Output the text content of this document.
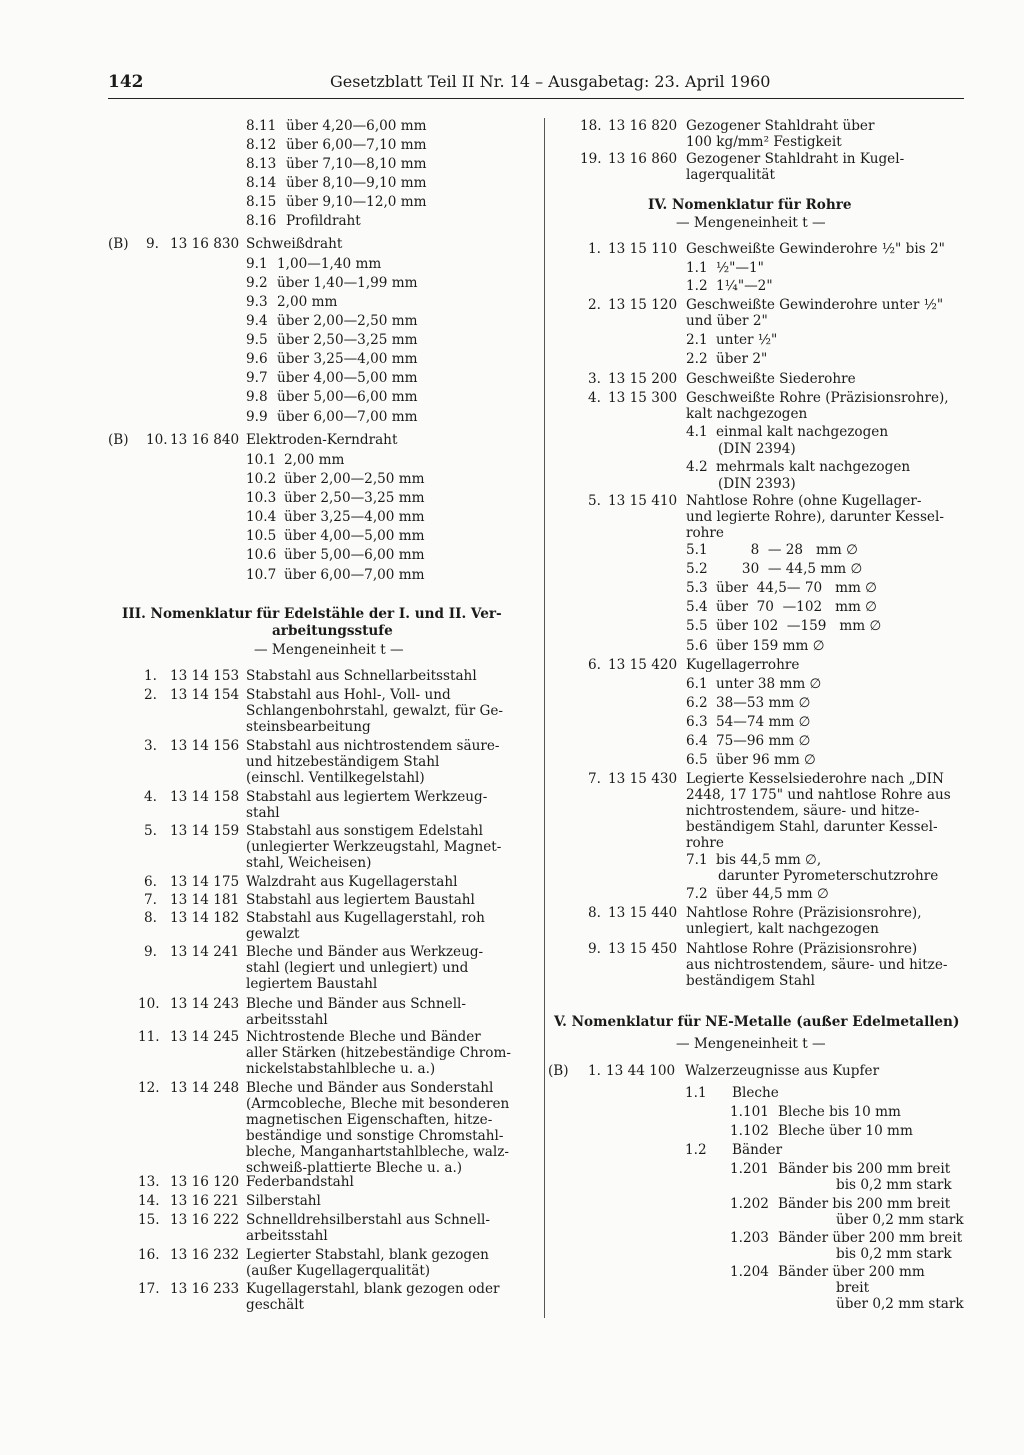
142	Gesetzblatt Teil II Nr. 14 – Ausgabetag: 23. April 1960
8.11 über 4,20—6,00 mm
8.12 über 6,00—7,10 mm
8.13 über 7,10—8,10 mm
8.14 über 8,10—9,10 mm
8.15 über 9,10—12,0 mm
8.16 Profildraht
(B) 9. 13 16 830 Schweißdraht
(B) 10. 13 16 840 Elektroden-Kerndraht
9.1 1,00—1,40 mm
9.2 über 1,40—1,99 mm
9.3 2,00 mm
9.4 über 2,00—2,50 mm
9.5 über 2,50—3,25 mm
9.6 über 3,25—4,00 mm
9.7 über 4,00—5,00 mm
9.8 über 5,00—6,00 mm
9.9 über 6,00—7,00 mm
10.1 2,00 mm
10.2 über 2,00—2,50 mm
10.3 über 2,50—3,25 mm
10.4 über 3,25—4,00 mm
10.5 über 4,00—5,00 mm
10.6 über 5,00—6,00 mm
10.7 über 6,00—7,00 mm
1. 13 14 153 Stabstahl aus Schnellarbeitsstahl
2. 13 14 154 Stabstahl aus Hohl-, Voll- und
Schlangenbohrstahl, gewalzt, für Ge-
steinsbearbeitung
3. 13 14 156 Stabstahl aus nichtrostendem säure-
und hitzebeständigem Stahl
(einschl. Ventilkegelstahl)
4. 13 14 158 Stabstahl aus legiertem Werkzeug-
stahl
5. 13 14 159 Stabstahl aus sonstigem Edelstahl
(unlegierter Werkzeugstahl, Magnet-
stahl, Weicheisen)
6. 13 14 175 Walzdraht aus Kugellagerstahl
7. 13 14 181 Stabstahl aus legiertem Baustahl
8. 13 14 182 Stabstahl aus Kugellagerstahl, roh
gewalzt
9. 13 14 241 Bleche und Bänder aus Werkzeug-
stahl (legiert und unlegiert) und
legiertem Baustahl
10. 13 14 243 Bleche und Bänder aus Schnell-
arbeitsstahl
11. 13 14 245 Nichtrostende Bleche und Bänder
aller Stärken (hitzebeständige Chrom-
nickelstabstahlbleche u. a.)
12. 13 14 248 Bleche und Bänder aus Sonderstahl
(Armcobleche, Bleche mit besonderen
magnetischen Eigenschaften, hitze-
beständige und sonstige Chromstahl-
bleche, Manganhartstahlbleche, walz-
schweiß-plattierte Bleche u. a.)
13. 13 16 120 Federbandstahl
14. 13 16 221 Silberstahl
15. 13 16 222 Schnelldrehsilberstahl aus Schnell-
arbeitsstahl
16. 13 16 232 Legierter Stabstahl, blank gezogen
(außer Kugellagerqualität)
17. 13 16 233 Kugellagerstahl, blank gezogen oder
geschält
18. 13 16 820 Gezogener Stahldraht über
100 kg/mm² Festigkeit
19. 13 16 860 Gezogener Stahldraht in Kugel-
lagerqualität
1. 13 15 110 Geschweißte Gewinderohre ½" bis 2"
2. 13 15 120 Geschweißte Gewinderohre unter ½"
und über 2"
3. 13 15 200 Geschweißte Siederohre
4. 13 15 300 Geschweißte Rohre (Präzisionsrohre),
kalt nachgezogen
5. 13 15 410 Nahtlose Rohre (ohne Kugellager-
und legierte Rohre), darunter Kessel-
rohre
6. 13 15 420 Kugellagerrohre
7. 13 15 430 Legierte Kesselsiederohre nach „DIN
2448, 17 175" und nahtlose Rohre aus
nichtrostendem, säure- und hitze-
beständigem Stahl, darunter Kessel-
rohre
8. 13 15 440 Nahtlose Rohre (Präzisionsrohre),
unlegiert, kalt nachgezogen
9. 13 15 450 Nahtlose Rohre (Präzisionsrohre)
aus nichtrostendem, säure- und hitze-
beständigem Stahl
1.1 ½"—1"
1.2 1¼"—2"
2.1 unter ½"
2.2 über 2"
4.1 einmal kalt nachgezogen
(DIN 2394)
4.2 mehrmals kalt nachgezogen
(DIN 2393)
5.1 8  — 28   mm ∅
5.2 30  — 44,5 mm ∅
5.3 über  44,5— 70   mm ∅
5.4 über  70  —102   mm ∅
5.5 über 102  —159   mm ∅
5.6 über 159 mm ∅
6.1 unter 38 mm ∅
6.2 38—53 mm ∅
6.3 54—74 mm ∅
6.4 75—96 mm ∅
6.5 über 96 mm ∅
7.1 bis 44,5 mm ∅,
darunter Pyrometerschutzrohre
7.2 über 44,5 mm ∅
1.1 Bleche
1.101 Bleche bis 10 mm
1.102 Bleche über 10 mm
1.2 Bänder
1.201 Bänder bis 200 mm breit
bis 0,2 mm stark
1.202 Bänder bis 200 mm breit
über 0,2 mm stark
1.203 Bänder über 200 mm breit
bis 0,2 mm stark
1.204 Bänder über 200 mm
breit
über 0,2 mm stark
III. Nomenklatur für Edelstähle der I. und II. Ver-
arbeitungsstufe
— Mengeneinheit t —
IV. Nomenklatur für Rohre
— Mengeneinheit t —
V. Nomenklatur für NE-Metalle (außer Edelmetallen)
— Mengeneinheit t —
(B) 1. 13 44 100 Walzerzeugnisse aus Kupfer
